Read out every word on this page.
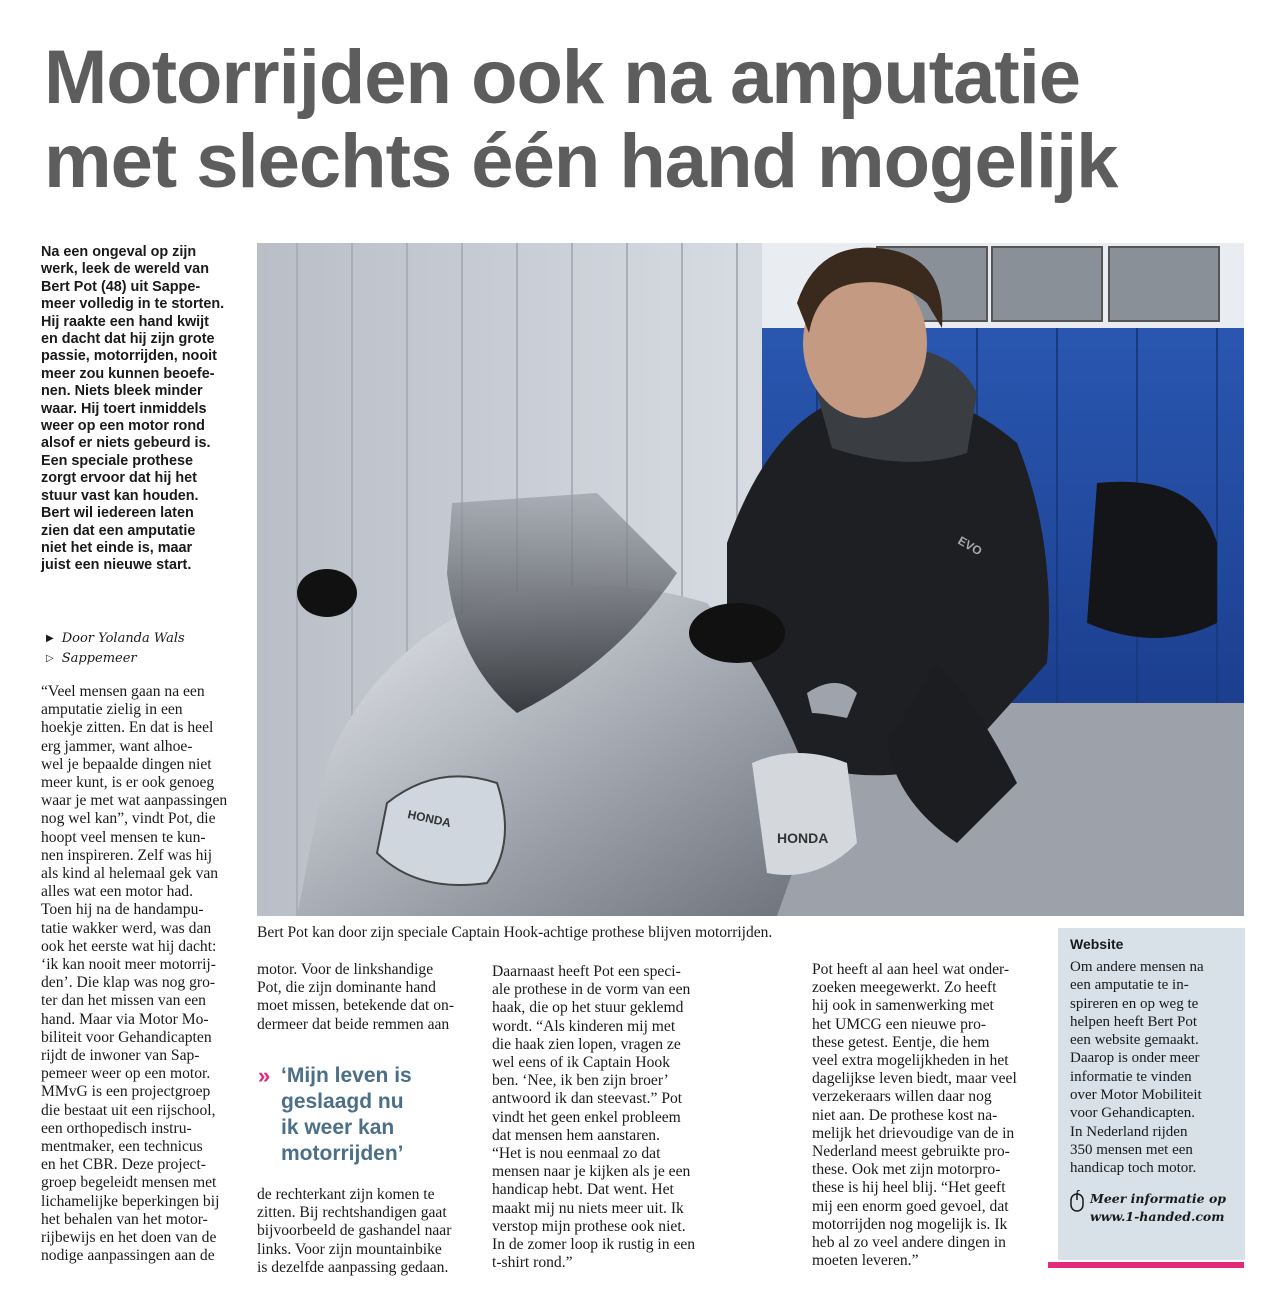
Motorrijden ook na amputatie
met slechts één hand mogelijk
Na een ongeval op zijn
werk, leek de wereld van
Bert Pot (48) uit Sappe-
meer volledig in te storten.
Hij raakte een hand kwijt
en dacht dat hij zijn grote
passie, motorrijden, nooit
meer zou kunnen beoefe-
nen. Niets bleek minder
waar. Hij toert inmiddels
weer op een motor rond
alsof er niets gebeurd is.
Een speciale prothese
zorgt ervoor dat hij het
stuur vast kan houden.
Bert wil iedereen laten
zien dat een amputatie
niet het einde is, maar
juist een nieuwe start.
▶ Door Yolanda Wals
▷ Sappemeer
“Veel mensen gaan na een
amputatie zielig in een
hoekje zitten. En dat is heel
erg jammer, want alhoe-
wel je bepaalde dingen niet
meer kunt, is er ook genoeg
waar je met wat aanpassingen
nog wel kan”, vindt Pot, die
hoopt veel mensen te kun-
nen inspireren. Zelf was hij
als kind al helemaal gek van
alles wat een motor had.
Toen hij na de handampu-
tatie wakker werd, was dan
ook het eerste wat hij dacht:
‘ik kan nooit meer motorrij-
den’. Die klap was nog gro-
ter dan het missen van een
hand. Maar via Motor Mo-
biliteit voor Gehandicapten
rijdt de inwoner van Sap-
pemeer weer op een motor.
MMvG is een projectgroep
die bestaat uit een rijschool,
een orthopedisch instru-
mentmaker, een technicus
en het CBR. Deze project-
groep begeleidt mensen met
lichamelijke beperkingen bij
het behalen van het motor-
rijbewijs en het doen van de
nodige aanpassingen aan de
HONDA
HONDA
EVO
Bert Pot kan door zijn speciale Captain Hook-achtige prothese blijven motorrijden.
motor. Voor de linkshandige
Pot, die zijn dominante hand
moet missen, betekende dat on-
dermeer dat beide remmen aan
» ‘Mijn leven is
geslaagd nu
ik weer kan
motorrijden’
de rechterkant zijn komen te
zitten. Bij rechtshandigen gaat
bijvoorbeeld de gashandel naar
links. Voor zijn mountainbike
is dezelfde aanpassing gedaan.
Daarnaast heeft Pot een speci-
ale prothese in de vorm van een
haak, die op het stuur geklemd
wordt. “Als kinderen mij met
die haak zien lopen, vragen ze
wel eens of ik Captain Hook
ben. ‘Nee, ik ben zijn broer’
antwoord ik dan steevast.” Pot
vindt het geen enkel probleem
dat mensen hem aanstaren.
“Het is nou eenmaal zo dat
mensen naar je kijken als je een
handicap hebt. Dat went. Het
maakt mij nu niets meer uit. Ik
verstop mijn prothese ook niet.
In de zomer loop ik rustig in een
t-shirt rond.”
Pot heeft al aan heel wat onder-
zoeken meegewerkt. Zo heeft
hij ook in samenwerking met
het UMCG een nieuwe pro-
these getest. Eentje, die hem
veel extra mogelijkheden in het
dagelijkse leven biedt, maar veel
verzekeraars willen daar nog
niet aan. De prothese kost na-
melijk het drievoudige van de in
Nederland meest gebruikte pro-
these. Ook met zijn motorpro-
these is hij heel blij. “Het geeft
mij een enorm goed gevoel, dat
motorrijden nog mogelijk is. Ik
heb al zo veel andere dingen in
moeten leveren.”
Website
Om andere mensen na
een amputatie te in-
spireren en op weg te
helpen heeft Bert Pot
een website gemaakt.
Daarop is onder meer
informatie te vinden
over Motor Mobiliteit
voor Gehandicapten.
In Nederland rijden
350 mensen met een
handicap toch motor.
Meer informatie op
www.1-handed.com
